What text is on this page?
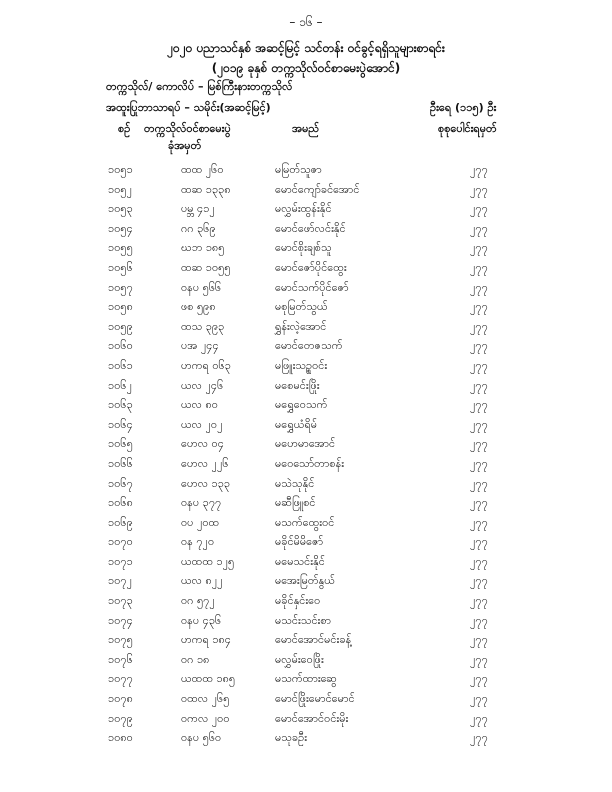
– ၁၆ –
၂၀၂၀ ပညာသင်နှစ် အဆင့်မြင့် သင်တန်း ဝင်ခွင့်ရရှိသူများစာရင်း
(၂၀၁၉ ခုနှစ် တက္ကသိုလ်ဝင်စာမေးပွဲအောင်)
တက္ကသိုလ်/ ကောလိပ် – မြစ်ကြီးနားတက္ကသိုလ်
အထူးပြုဘာသာရပ် – သမိုင်း(အဆင့်မြင့်)	ဦးရေ (၁၁၅) ဦး
စဉ် တက္ကသိုလ်ဝင်စာမေးပွဲ
ခုံအမှတ်
အမည်	စုစုပေါင်းရမှတ်
၁၀၅၁	ထထ ၂၆၀	မမြတ်သူဇာ	၂၇၇
၁၀၅၂	ထဆ ၁၃၃၈	မောင်ကျော်ခင်အောင်	၂၇၇
၁၀၅၃	ပမ္ဘ ၄၁၂	မလွှမ်းထွန်းနိုင်	၂၇၇
၁၀၅၄	ဂဂ ၃၆၉	မောင်ဖော်လင်းနိုင်	၂၇၇
၁၀၅၅	ဃဘ ၁၈၅	မောင်စိုးချစ်သူ	၂၇၇
၁၀၅၆	ထဆ ၁၀၅၅	မောင်ဇော်ပိုင်ထွေး	၂၇၇
၁၀၅၇	ဝနပ ၅၆၆	မောင်သက်ပိုင်ဇော်	၂၇၇
၁၀၅၈	ဖစ ၅၉၈	မစုမြတ်သွယ်	၂၇၇
၁၀၅၉	ထသ ၃၉၃	ရွှန်းလဲ့အောင်	၂၇၇
၁၀၆၀	ပအ ၂၄၄	မောင်တေဇသက်	၂၇၇
၁၀၆၁	ဟကရ ၀၆၃	မဖြူးသဉ္စဝင်း	၂၇၇
၁၀၆၂	ယလ ၂၄၆	မစေမင်းဖြိုး	၂၇၇
၁၀၆၃	ယလ ၈၀	မရွှေဝေသက်	၂၇၇
၁၀၆၄	ယလ ၂၀၂	မရွှေယံရိမ်	၂၇၇
၁၀၆၅	ဟေလ ၀၄	မဟေမာအောင်	၂၇၇
၁၀၆၆	ဟေလ ၂၂၆	မဝေသော်တာစန်း	၂၇၇
၁၀၆၇	ဟေလ ၁၃၃	မသဲသုနိုင်	၂၇၇
၁၀၆၈	ဝနပ ၃၇၇	မဆီဖြူစင်	၂၇၇
၁၀၆၉	ဝပ ၂၀ထ	မသက်ထွေးဝင်	၂၇၇
၁၀၇၀	ဝန ၇၂၀	မခိုင်မိမိဇော်	၂၇၇
၁၀၇၁	ယထထ ၁၂၅	မမေသင်းနိုင်	၂၇၇
၁၀၇၂	ယလ ၈၂၂	မအေးမြတ်နွယ်	၂၇၇
၁၀၇၃	ဝဂ ၅၇၂	မခိုင်နှင်းဝေ	၂၇၇
၁၀၇၄	ဝနပ ၄၃၆	မသင်းသင်းစာ	၂၇၇
၁၀၇၅	ဟကရ ၁၈၄	မောင်အောင်မင်းခန့်	၂၇၇
၁၀၇၆	ဝဂ ၁၈	မလွှမ်းဝေဖြိုး	၂၇၇
၁၀၇၇	ယထထ ၁၈၅	မသက်ထားဆွေ	၂၇၇
၁၀၇၈	ဝထလ ၂၆၅	မောင်ဖြိုးမောင်မောင်	၂၇၇
၁၀၇၉	ဝကလ ၂၀၀	မောင်အောင်ဝင်းမိုး	၂၇၇
၁၀၈၀	ဝနပ ၅၆၀	မသုခဦး	၂၇၇
